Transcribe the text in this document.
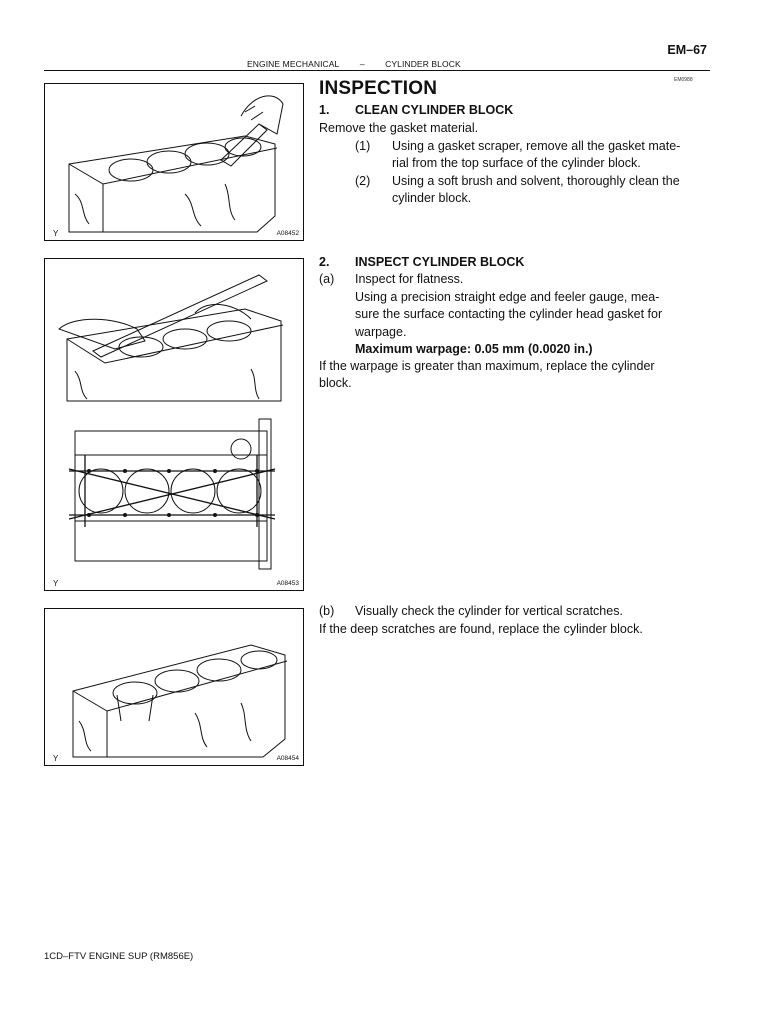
EM–67
ENGINE MECHANICAL – CYLINDER BLOCK
EM0988
Y	A08452
Y	A08453
Y	A08454
INSPECTION
1. CLEAN CYLINDER BLOCK
Remove the gasket material.
(1) Using a gasket scraper, remove all the gasket mate-
rial from the top surface of the cylinder block.
(2) Using a soft brush and solvent, thoroughly clean the
cylinder block.
2. INSPECT CYLINDER BLOCK
(a) Inspect for flatness.
Using a precision straight edge and feeler gauge, mea-
sure the surface contacting the cylinder head gasket for
warpage.
Maximum warpage: 0.05 mm (0.0020 in.)
If the warpage is greater than maximum, replace the cylinder
block.
(b) Visually check the cylinder for vertical scratches.
If the deep scratches are found, replace the cylinder block.
1CD–FTV ENGINE SUP (RM856E)
